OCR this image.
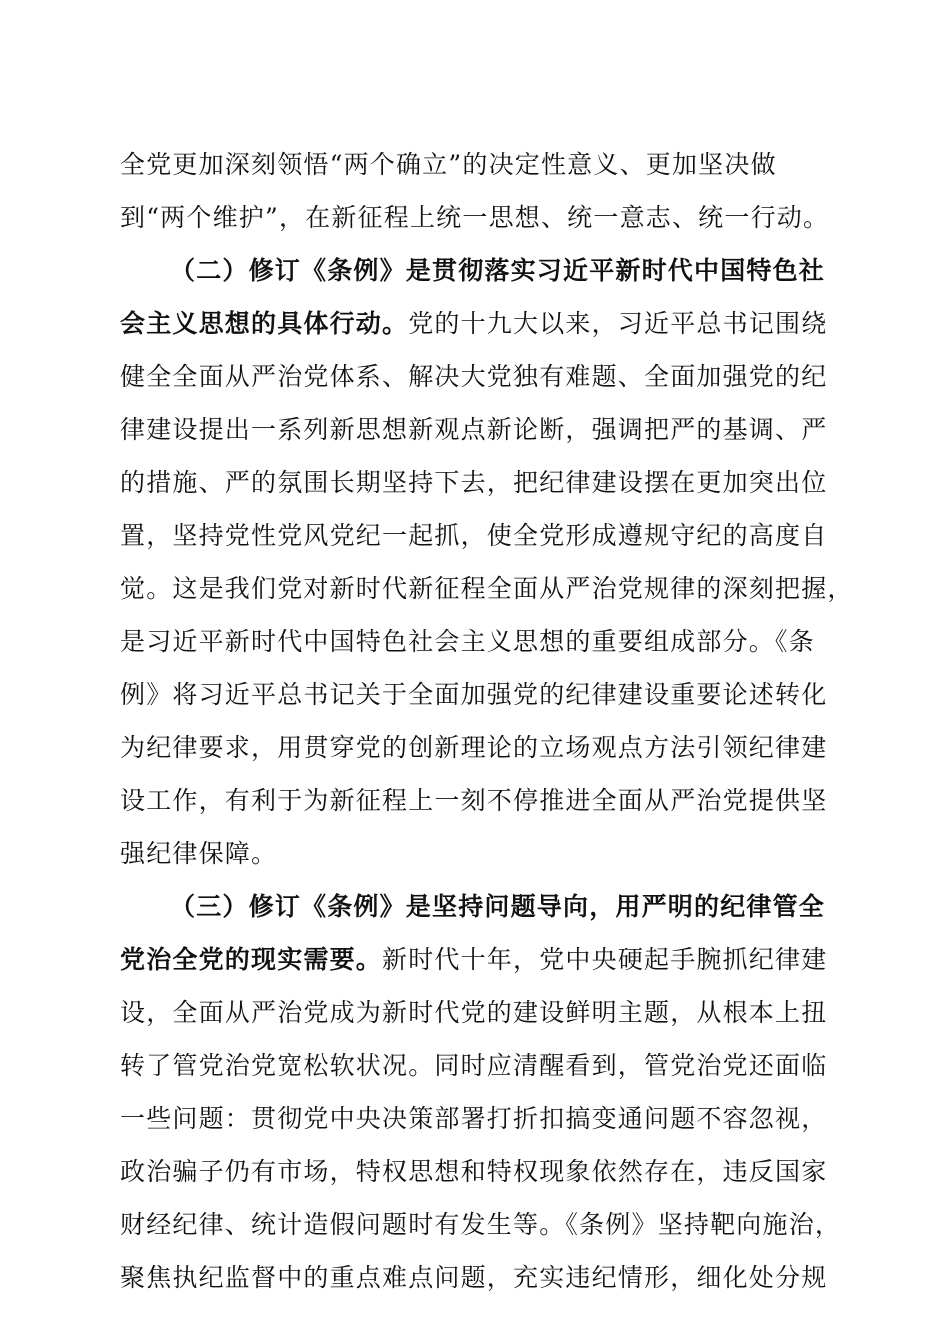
全党更加深刻领悟“两个确立”的决定性意义、更加坚决做
到“两个维护”，在新征程上统一思想、统一意志、统一行动。
（二）修订《条例》是贯彻落实习近平新时代中国特色社
会主义思想的具体行动。党的十九大以来，习近平总书记围绕
健全全面从严治党体系、解决大党独有难题、全面加强党的纪
律建设提出一系列新思想新观点新论断，强调把严的基调、严
的措施、严的氛围长期坚持下去，把纪律建设摆在更加突出位
置，坚持党性党风党纪一起抓，使全党形成遵规守纪的高度自
觉。这是我们党对新时代新征程全面从严治党规律的深刻把握，
是习近平新时代中国特色社会主义思想的重要组成部分。《条
例》将习近平总书记关于全面加强党的纪律建设重要论述转化
为纪律要求，用贯穿党的创新理论的立场观点方法引领纪律建
设工作，有利于为新征程上一刻不停推进全面从严治党提供坚
强纪律保障。
（三）修订《条例》是坚持问题导向，用严明的纪律管全
党治全党的现实需要。新时代十年，党中央硬起手腕抓纪律建
设，全面从严治党成为新时代党的建设鲜明主题，从根本上扭
转了管党治党宽松软状况。同时应清醒看到，管党治党还面临
一些问题：贯彻党中央决策部署打折扣搞变通问题不容忽视，
政治骗子仍有市场，特权思想和特权现象依然存在，违反国家
财经纪律、统计造假问题时有发生等。《条例》坚持靶向施治，
聚焦执纪监督中的重点难点问题，充实违纪情形，细化处分规
